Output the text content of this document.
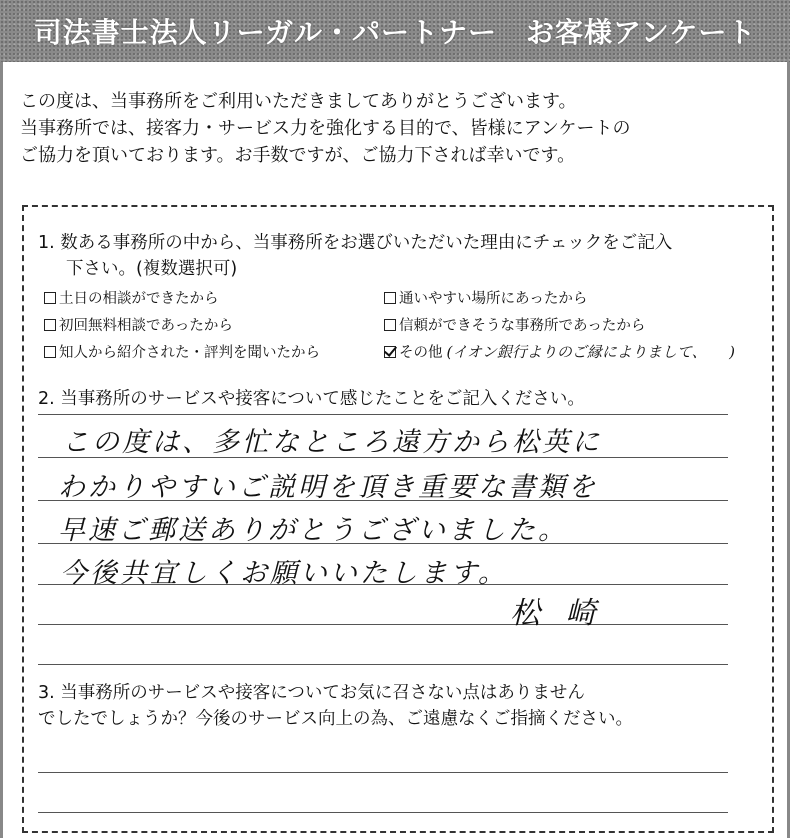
司法書士法人リーガル・パートナー　お客様アンケート
この度は、当事務所をご利用いただきましてありがとうございます。
当事務所では、接客力・サービス力を強化する目的で、皆様にアンケートの
ご協力を頂いております。お手数ですが、ご協力下されば幸いです。
1. 数ある事務所の中から、当事務所をお選びいただいた理由にチェックをご記入
下さい。(複数選択可)
土日の相談ができたから	通いやすい場所にあったから
初回無料相談であったから	信頼ができそうな事務所であったから
知人から紹介された・評判を聞いたから	その他 (イオン銀行よりのご縁によりまして、　　)
2. 当事務所のサービスや接客について感じたことをご記入ください。
この度は、多忙なところ遠方から松英に
わかりやすいご説明を頂き重要な書類を
早速ご郵送ありがとうございました。
今後共宜しくお願いいたします。
松 崎
3. 当事務所のサービスや接客についてお気に召さない点はありません
でしたでしょうか？今後のサービス向上の為、ご遠慮なくご指摘ください。
